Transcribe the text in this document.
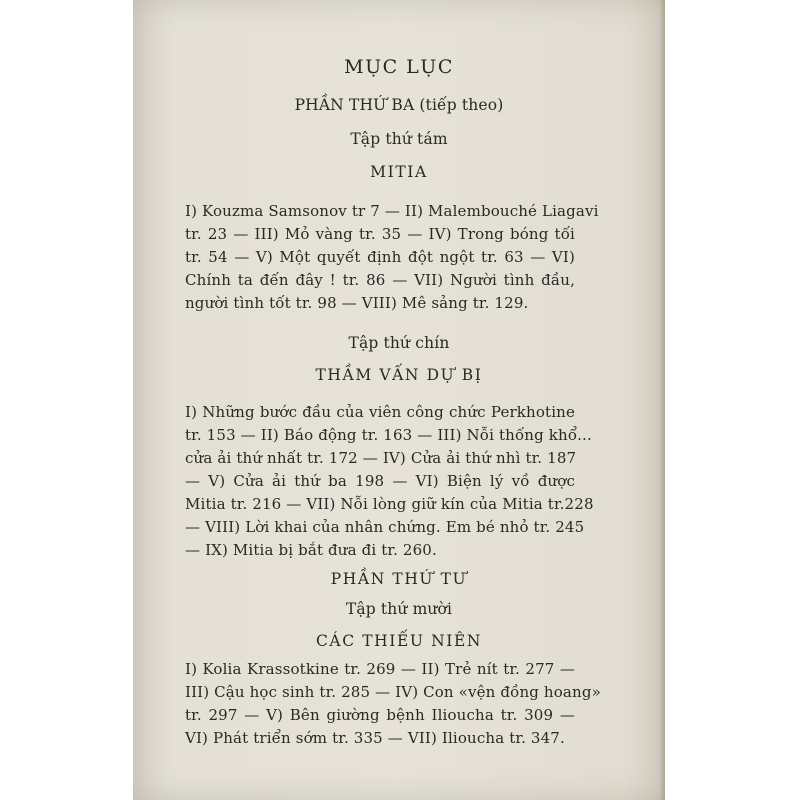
MỤC LỤC
PHẦN THỨ BA (tiếp theo)
Tập thứ tám
MITIA
I) Kouzma Samsonov tr 7 — II) Malembouché Liagavi
tr. 23 — III) Mỏ vàng tr. 35 — IV) Trong bóng tối
tr. 54 — V) Một quyết định đột ngột tr. 63 — VI)
Chính ta đến đây ! tr. 86 — VII) Người tình đầu,
người tình tốt tr. 98 — VIII) Mê sảng tr. 129.
Tập thứ chín
THẦM VẤN DỰ BỊ
I) Những bước đầu của viên công chức Perkhotine
tr. 153 — II) Báo động tr. 163 — III) Nỗi thống khổ...
cửa ải thứ nhất tr. 172 — IV) Cửa ải thứ nhì tr. 187
— V) Cửa ải thứ ba 198 — VI) Biện lý vồ được
Mitia tr. 216 — VII) Nỗi lòng giữ kín của Mitia tr.228
— VIII) Lời khai của nhân chứng. Em bé nhỏ tr. 245
— IX) Mitia bị bắt đưa đi tr. 260.
PHẦN THỨ TƯ
Tập thứ mười
CÁC THIẾU NIÊN
I) Kolia Krassotkine tr. 269 — II) Trẻ nít tr. 277 —
III) Cậu học sinh tr. 285 — IV) Con «vện đồng hoang»
tr. 297 — V) Bên giường bệnh Ilioucha tr. 309 —
VI) Phát triển sớm tr. 335 — VII) Ilioucha tr. 347.
